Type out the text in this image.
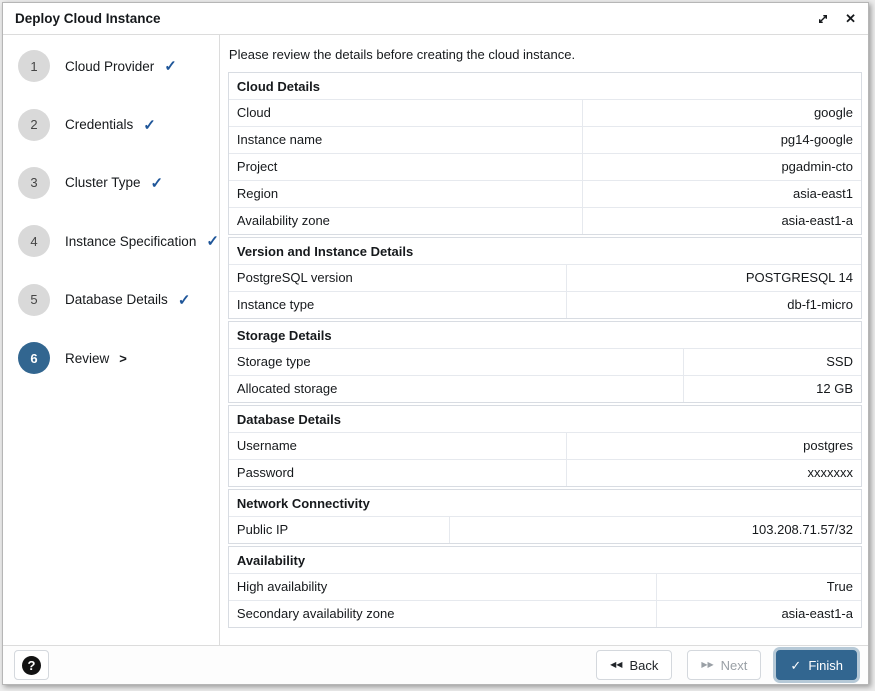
Deploy Cloud Instance	✕
1	Cloud Provider ✓
2	Credentials ✓
3	Cluster Type ✓
4	Instance Specification ✓
5	Database Details ✓
6	Review >
Please review the details before creating the cloud instance.
Cloud Details
Cloud	google
Instance name	pg14-google
Project	pgadmin-cto
Region	asia-east1
Availability zone	asia-east1-a
Version and Instance Details
PostgreSQL version	POSTGRESQL 14
Instance type	db-f1-micro
Storage Details
Storage type	SSD
Allocated storage	12 GB
Database Details
Username	postgres
Password	xxxxxxx
Network Connectivity
Public IP	103.208.71.57/32
Availability
High availability	True
Secondary availability zone	asia-east1-a
?	◀◀ Back	▶▶ Next	✓ Finish
